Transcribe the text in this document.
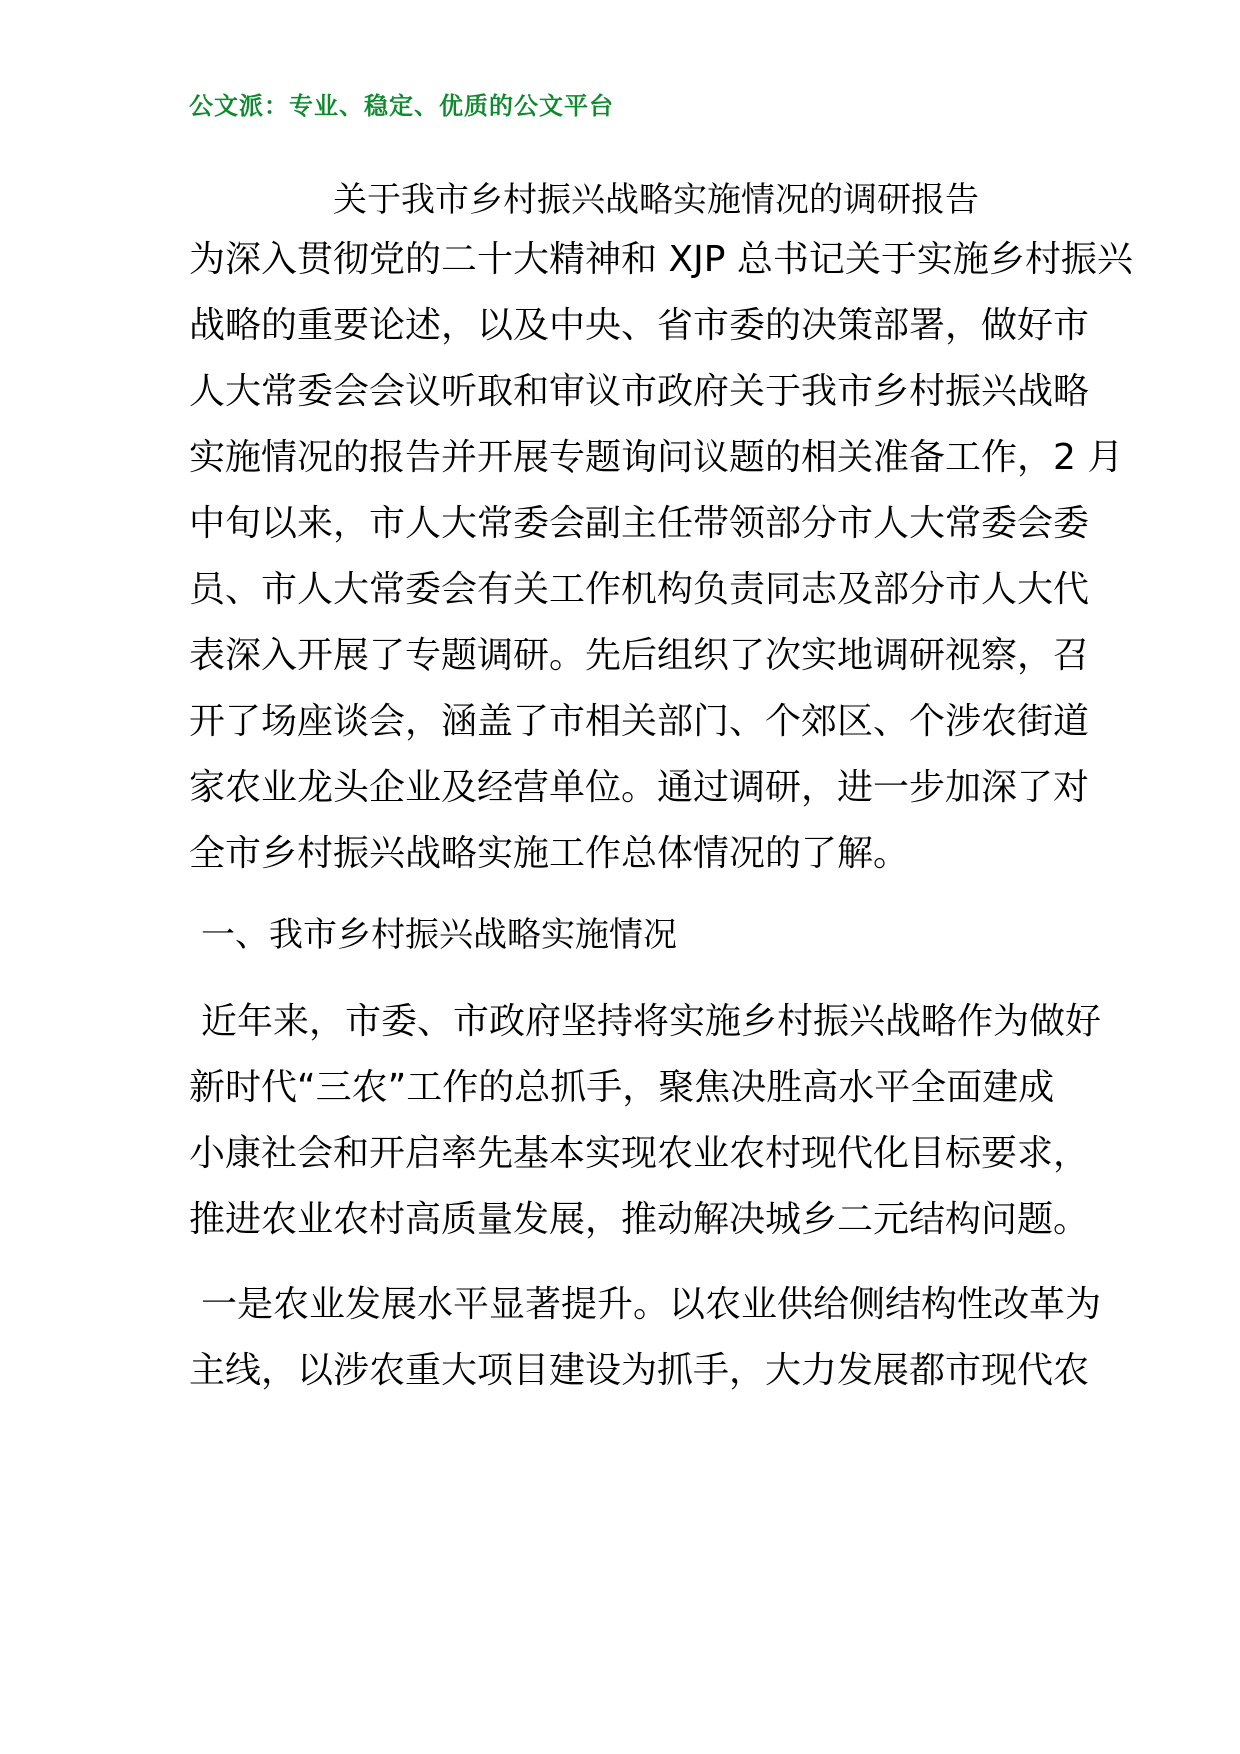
公文派：专业、稳定、优质的公文平台
关于我市乡村振兴战略实施情况的调研报告
为深入贯彻党的二十大精神和 XJP 总书记关于实施乡村振兴
战略的重要论述，以及中央、省市委的决策部署，做好市
人大常委会会议听取和审议市政府关于我市乡村振兴战略
实施情况的报告并开展专题询问议题的相关准备工作，2 月
中旬以来，市人大常委会副主任带领部分市人大常委会委
员、市人大常委会有关工作机构负责同志及部分市人大代
表深入开展了专题调研。先后组织了次实地调研视察，召
开了场座谈会，涵盖了市相关部门、个郊区、个涉农街道
家农业龙头企业及经营单位。通过调研，进一步加深了对
全市乡村振兴战略实施工作总体情况的了解。
一、我市乡村振兴战略实施情况
近年来，市委、市政府坚持将实施乡村振兴战略作为做好
新时代“三农”工作的总抓手，聚焦决胜高水平全面建成
小康社会和开启率先基本实现农业农村现代化目标要求，
推进农业农村高质量发展，推动解决城乡二元结构问题。
一是农业发展水平显著提升。以农业供给侧结构性改革为
主线，以涉农重大项目建设为抓手，大力发展都市现代农
